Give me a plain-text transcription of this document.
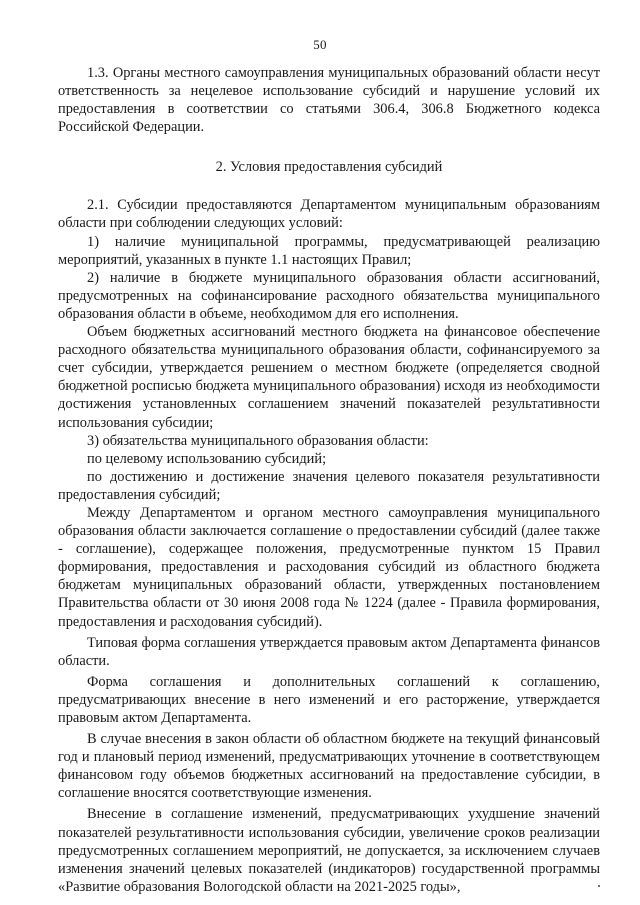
50

1.3. Органы местного самоуправления муниципальных образований области несут ответственность за нецелевое использование субсидий и нарушение условий их предоставления в соответствии со статьями 306.4, 306.8 Бюджетного кодекса Российской Федерации.

2. Условия предоставления субсидий

2.1. Субсидии предоставляются Департаментом муниципальным образованиям области при соблюдении следующих условий:

1) наличие муниципальной программы, предусматривающей реализацию мероприятий, указанных в пункте 1.1 настоящих Правил;

2) наличие в бюджете муниципального образования области ассигнований, предусмотренных на софинансирование расходного обязательства муниципального образования области в объеме, необходимом для его исполнения.

Объем бюджетных ассигнований местного бюджета на финансовое обеспечение расходного обязательства муниципального образования области, софинансируемого за счет субсидии, утверждается решением о местном бюджете (определяется сводной бюджетной росписью бюджета муниципального образования) исходя из необходимости достижения установленных соглашением значений показателей результативности использования субсидии;

3) обязательства муниципального образования области:

по целевому использованию субсидий;

по достижению и достижение значения целевого показателя результативности предоставления субсидий;

Между Департаментом и органом местного самоуправления муниципального образования области заключается соглашение о предоставлении субсидий (далее также - соглашение), содержащее положения, предусмотренные пунктом 15 Правил формирования, предоставления и расходования субсидий из областного бюджета бюджетам муниципальных образований области, утвержденных постановлением Правительства области от 30 июня 2008 года № 1224 (далее - Правила формирования, предоставления и расходования субсидий).

Типовая форма соглашения утверждается правовым актом Департамента финансов области.

Форма соглашения и дополнительных соглашений к соглашению, предусматривающих внесение в него изменений и его расторжение, утверждается правовым актом Департамента.

В случае внесения в закон области об областном бюджете на текущий финансовый год и плановый период изменений, предусматривающих уточнение в соответствующем финансовом году объемов бюджетных ассигнований на предоставление субсидии, в соглашение вносятся соответствующие изменения.

Внесение в соглашение изменений, предусматривающих ухудшение значений показателей результативности использования субсидии, увеличение сроков реализации предусмотренных соглашением мероприятий, не допускается, за исключением случаев изменения значений целевых показателей (индикаторов) государственной программы «Развитие образования Вологодской области на 2021-2025 годы»,
